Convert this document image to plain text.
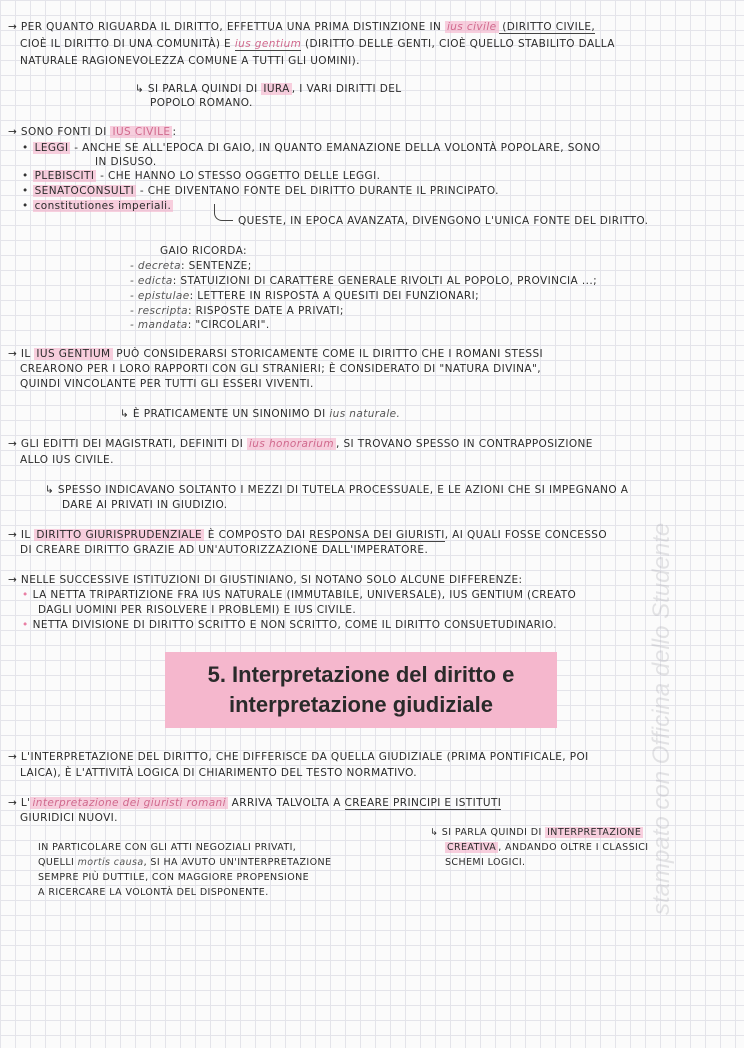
→ PER QUANTO RIGUARDA IL DIRITTO, EFFETTUA UNA PRIMA DISTINZIONE IN ius civile (DIRITTO CIVILE,
CIOÈ IL DIRITTO DI UNA COMUNITÀ) E ius gentium (DIRITTO DELLE GENTI, CIOÈ QUELLO STABILITO DALLA
NATURALE RAGIONEVOLEZZA COMUNE A TUTTI GLI UOMINI).
↳ SI PARLA QUINDI DI IURA , I VARI DIRITTI DEL
POPOLO ROMANO.
→ SONO FONTI DI IUS CIVILE :
• LEGGI - ANCHE SE ALL'EPOCA DI GAIO, IN QUANTO EMANAZIONE DELLA VOLONTÀ POPOLARE, SONO
IN DISUSO.
• PLEBISCITI - CHE HANNO LO STESSO OGGETTO DELLE LEGGI.
• SENATOCONSULTI - CHE DIVENTANO FONTE DEL DIRITTO DURANTE IL PRINCIPATO.
• constitutiones imperiali.
QUESTE, IN EPOCA AVANZATA, DIVENGONO L'UNICA FONTE DEL DIRITTO.
GAIO RICORDA:
- decreta: SENTENZE;
- edicta: STATUIZIONI DI CARATTERE GENERALE RIVOLTI AL POPOLO, PROVINCIA ...;
- epistulae: LETTERE IN RISPOSTA A QUESITI DEI FUNZIONARI;
- rescripta: RISPOSTE DATE A PRIVATI;
- mandata: "CIRCOLARI".
→ IL IUS GENTIUM PUÒ CONSIDERARSI STORICAMENTE COME IL DIRITTO CHE I ROMANI STESSI
CREARONO PER I LORO RAPPORTI CON GLI STRANIERI; È CONSIDERATO DI "NATURA DIVINA",
QUINDI VINCOLANTE PER TUTTI GLI ESSERI VIVENTI.
↳ È PRATICAMENTE UN SINONIMO DI ius naturale.
→ GLI EDITTI DEI MAGISTRATI, DEFINITI DI ius honorarium , SI TROVANO SPESSO IN CONTRAPPOSIZIONE
ALLO IUS CIVILE.
↳ SPESSO INDICAVANO SOLTANTO I MEZZI DI TUTELA PROCESSUALE, E LE AZIONI CHE SI IMPEGNANO A
DARE AI PRIVATI IN GIUDIZIO.
→ IL DIRITTO GIURISPRUDENZIALE È COMPOSTO DAI RESPONSA DEI GIURISTI, AI QUALI FOSSE CONCESSO
DI CREARE DIRITTO GRAZIE AD UN'AUTORIZZAZIONE DALL'IMPERATORE.
→ NELLE SUCCESSIVE ISTITUZIONI DI GIUSTINIANO, SI NOTANO SOLO ALCUNE DIFFERENZE:
• LA NETTA TRIPARTIZIONE FRA IUS NATURALE (IMMUTABILE, UNIVERSALE), IUS GENTIUM (CREATO
DAGLI UOMINI PER RISOLVERE I PROBLEMI) E IUS CIVILE.
• NETTA DIVISIONE DI DIRITTO SCRITTO E NON SCRITTO, COME IL DIRITTO CONSUETUDINARIO.
5. Interpretazione del diritto e
interpretazione giudiziale
→ L'INTERPRETAZIONE DEL DIRITTO, CHE DIFFERISCE DA QUELLA GIUDIZIALE (PRIMA PONTIFICALE, POI
LAICA), È L'ATTIVITÀ LOGICA DI CHIARIMENTO DEL TESTO NORMATIVO.
→ L' interpretazione dei giuristi romani ARRIVA TALVOLTA A CREARE PRINCIPI E ISTITUTI
GIURIDICI NUOVI.
IN PARTICOLARE CON GLI ATTI NEGOZIALI PRIVATI,
QUELLI mortis causa, SI HA AVUTO UN'INTERPRETAZIONE
SEMPRE PIÙ DUTTILE, CON MAGGIORE PROPENSIONE
A RICERCARE LA VOLONTÀ DEL DISPONENTE.
↳ SI PARLA QUINDI DI INTERPRETAZIONE
CREATIVA , ANDANDO OLTRE I CLASSICI
SCHEMI LOGICI.	stampato con Officina dello Studente
